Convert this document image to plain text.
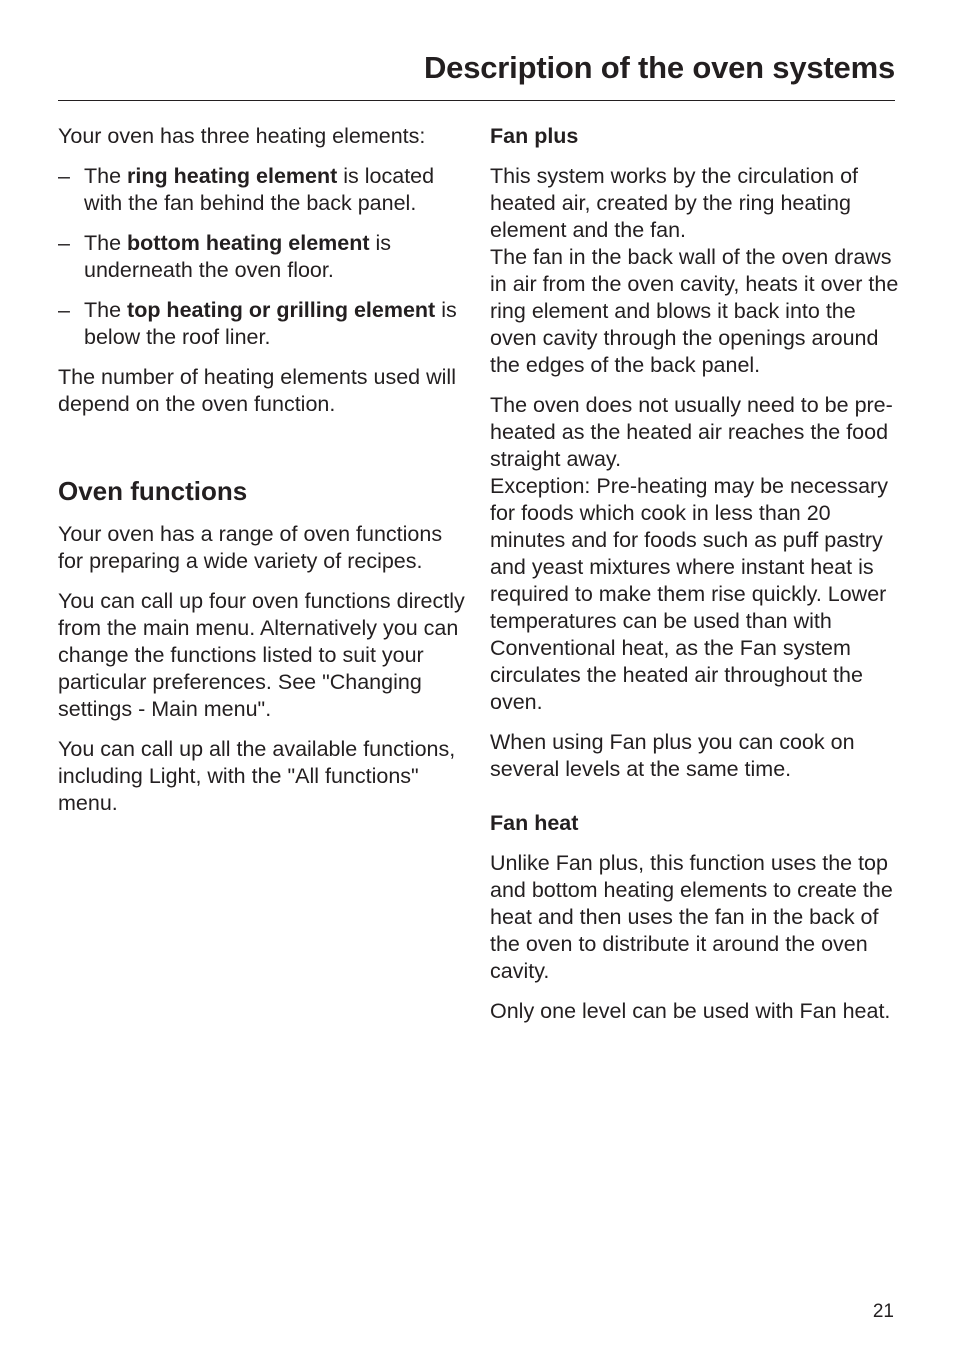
Description of the oven systems

Your oven has three heating elements:

– The ring heating element is located with the fan behind the back panel.
– The bottom heating element is underneath the oven floor.
– The top heating or grilling element is below the roof liner.

The number of heating elements used will depend on the oven function.

Oven functions

Your oven has a range of oven functions for preparing a wide variety of recipes.

You can call up four oven functions directly from the main menu. Alternatively you can change the functions listed to suit your particular preferences. See "Changing settings - Main menu".

You can call up all the available functions, including Light, with the "All functions" menu.

Fan plus

This system works by the circulation of heated air, created by the ring heating element and the fan.
The fan in the back wall of the oven draws in air from the oven cavity, heats it over the ring element and blows it back into the oven cavity through the openings around the edges of the back panel.

The oven does not usually need to be pre-heated as the heated air reaches the food straight away.
Exception: Pre-heating may be necessary for foods which cook in less than 20 minutes and for foods such as puff pastry and yeast mixtures where instant heat is required to make them rise quickly. Lower temperatures can be used than with Conventional heat, as the Fan system circulates the heated air throughout the oven.

When using Fan plus you can cook on several levels at the same time.

Fan heat

Unlike Fan plus, this function uses the top and bottom heating elements to create the heat and then uses the fan in the back of the oven to distribute it around the oven cavity.

Only one level can be used with Fan heat.

21
